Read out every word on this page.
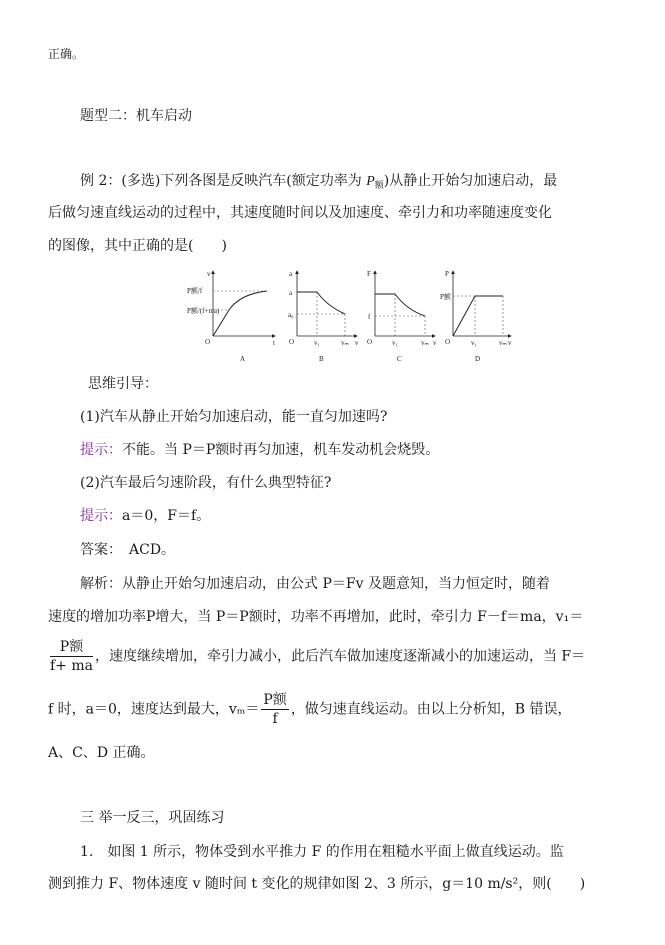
正确。
题型二：机车启动
例 2：(多选)下列各图是反映汽车(额定功率为 $P_额$)从静止开始匀加速启动，最
后做匀速直线运动的过程中，其速度随时间以及加速度、牵引力和功率随速度变化
的图像，其中正确的是(　　)
v
t
O
P额/f
P额/(f+ma)
A
a
v
O
a
a₀
v₁	vₘ
B
F
v
O
f
v₁	vₘ
C
P
v
O
P额
v₁	vₘ
D
思维引导：
(1)汽车从静止开始匀加速启动，能一直匀加速吗?
提示：不能。当 P＝P额时再匀加速，机车发动机会烧毁。
(2)汽车最后匀速阶段，有什么典型特征?
提示：a＝0，F＝f。
答案：　 ACD。
解析：从静止开始匀加速启动，由公式 P＝Fv 及题意知，当力恒定时，随着
速度的增加功率P增大，当 P＝P额时，功率不再增加，此时，牵引力 F－f＝ma，v₁＝
$\frac{\text{P额}}{f+ ma}$ ，速度继续增加，牵引力减小，此后汽车做加速度逐渐减小的加速运动，当 F＝
f 时，a＝0，速度达到最大，$v_m= \frac{\text{P额}}{f}$ ，做匀速直线运动。由以上分析知，B 错误，
A、C、D 正确。
三 举一反三，巩固练习
1.　如图 1 所示，物体受到水平推力 F 的作用在粗糙水平面上做直线运动。监
测到推力 F、物体速度 v 随时间 t 变化的规律如图 2、3 所示，g＝10 m/s²，则(　　)
